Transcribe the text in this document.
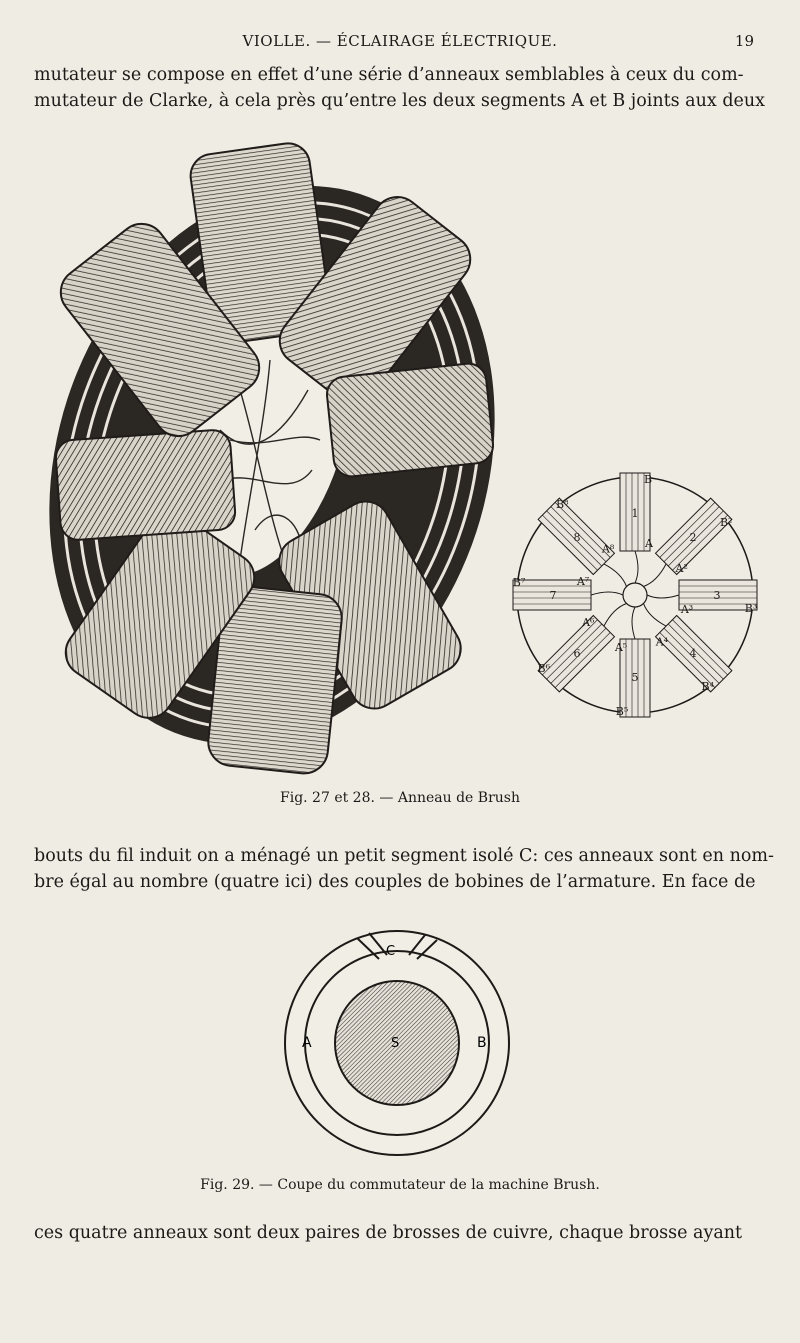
VIOLLE. — ÉCLAIRAGE ÉLECTRIQUE.	19

mutateur se compose en effet d’une série d’anneaux semblables à ceux du com-
mutateur de Clarke, à cela près qu’entre les deux segments A et B joints aux deux

1
A
B
2
A²
B²
3
A³	B³
4
A⁴
B⁴
5
A⁵
B⁵
6
A⁶
B⁶
7
A⁷
B⁷
8
A⁸
B⁸
Fig. 27 et 28. — Anneau de Brush

bouts du fil induit on a ménagé un petit segment isolé C: ces anneaux sont en nom-
bre égal au nombre (quatre ici) des couples de bobines de l’armature. En face de

A	B
C
S
Fig. 29. — Coupe du commutateur de la machine Brush.

ces quatre anneaux sont deux paires de brosses de cuivre, chaque brosse ayant
